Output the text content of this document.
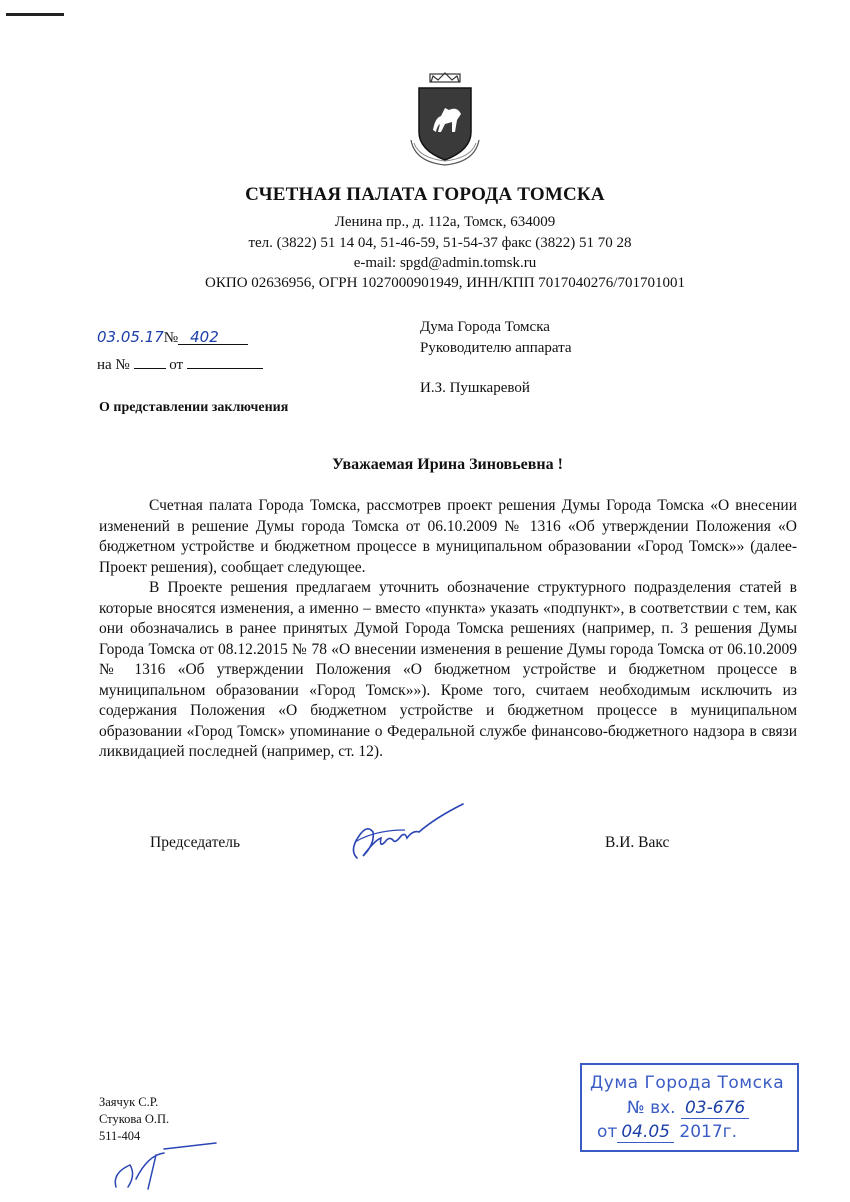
СЧЕТНАЯ ПАЛАТА ГОРОДА ТОМСКА
Ленина пр., д. 112а, Томск, 634009
тел. (3822) 51 14 04, 51-46-59, 51-54-37 факс (3822) 51 70 28
e-mail: spgd@admin.tomsk.ru
ОКПО 02636956, ОГРН 1027000901949, ИНН/КПП 7017040276/701701001
03.05.17№ 402
на №	от
Дума Города Томска
Руководителю аппарата
И.З. Пушкаревой
О представлении заключения
Уважаемая Ирина Зиновьевна !

Счетная палата Города Томска, рассмотрев проект решения Думы Города Томска «О внесении изменений в решение Думы города Томска от 06.10.2009 № 1316 «Об утверждении Положения «О бюджетном устройстве и бюджетном процессе в муниципальном образовании «Город Томск»» (далее- Проект решения), сообщает следующее.

В Проекте решения предлагаем уточнить обозначение структурного подразделения статей в которые вносятся изменения, а именно – вместо «пункта» указать «подпункт», в соответствии с тем, как они обозначались в ранее принятых Думой Города Томска решениях (например, п. 3 решения Думы Города Томска от 08.12.2015 № 78 «О внесении изменения в решение Думы города Томска от 06.10.2009 № 1316 «Об утверждении Положения «О бюджетном устройстве и бюджетном процессе в муниципальном образовании «Город Томск»»). Кроме того, считаем необходимым исключить из содержания Положения «О бюджетном устройстве и бюджетном процессе в муниципальном образовании «Город Томск» упоминание о Федеральной службе финансово-бюджетного надзора в связи ликвидацией последней (например, ст. 12).

Председатель	В.И. Вакс
Заячук С.Р.
Стукова О.П.
511-404
Дума Города Томска
№ вх. 03-676
от 04.05 2017г.
